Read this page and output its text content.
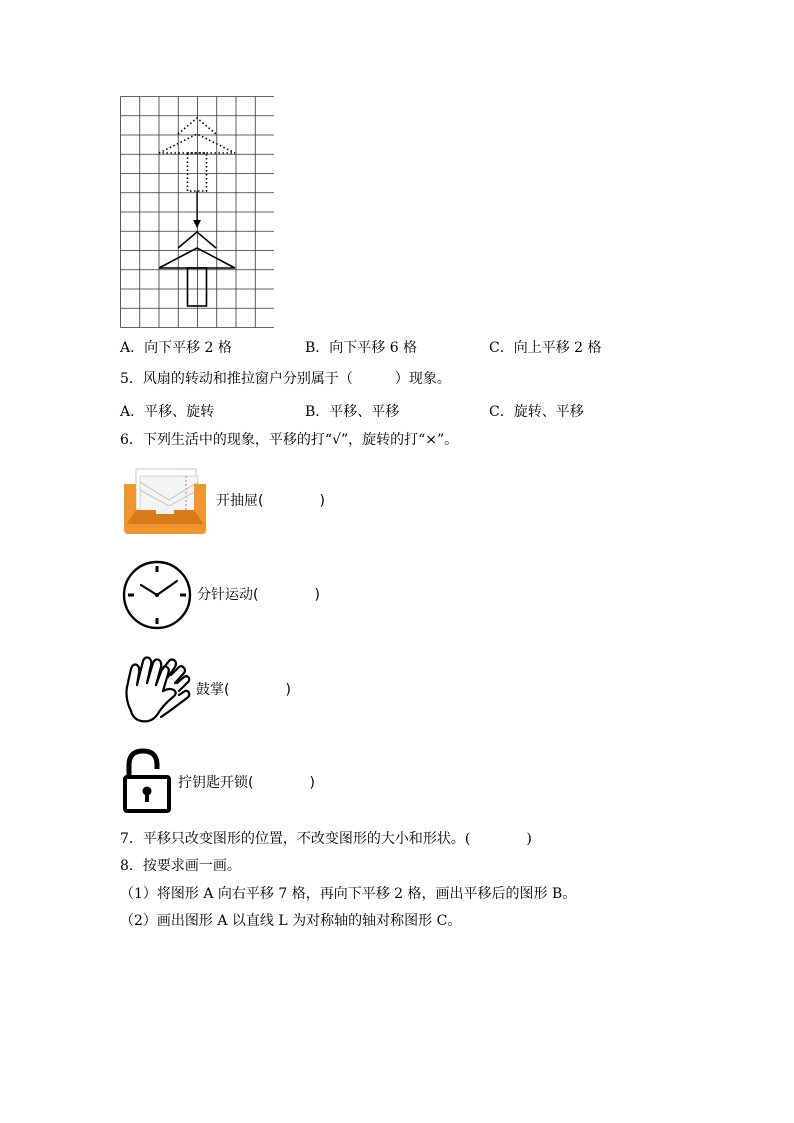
A．向下平移 2 格	B．向下平移 6 格	C．向上平移 2 格
5．风扇的转动和推拉窗户分别属于（　　　）现象。
A．平移、旋转	B．平移、平移	C．旋转、平移
6．下列生活中的现象，平移的打“√”，旋转的打“×”。
开抽屉(　　　　)
分针运动(　　　　)
鼓掌(　　　　)
拧钥匙开锁(　　　　)
7．平移只改变图形的位置，不改变图形的大小和形状。(　　　　)
8．按要求画一画。
（1）将图形 A 向右平移 7 格，再向下平移 2 格，画出平移后的图形 B。
（2）画出图形 A 以直线 L 为对称轴的轴对称图形 C。
